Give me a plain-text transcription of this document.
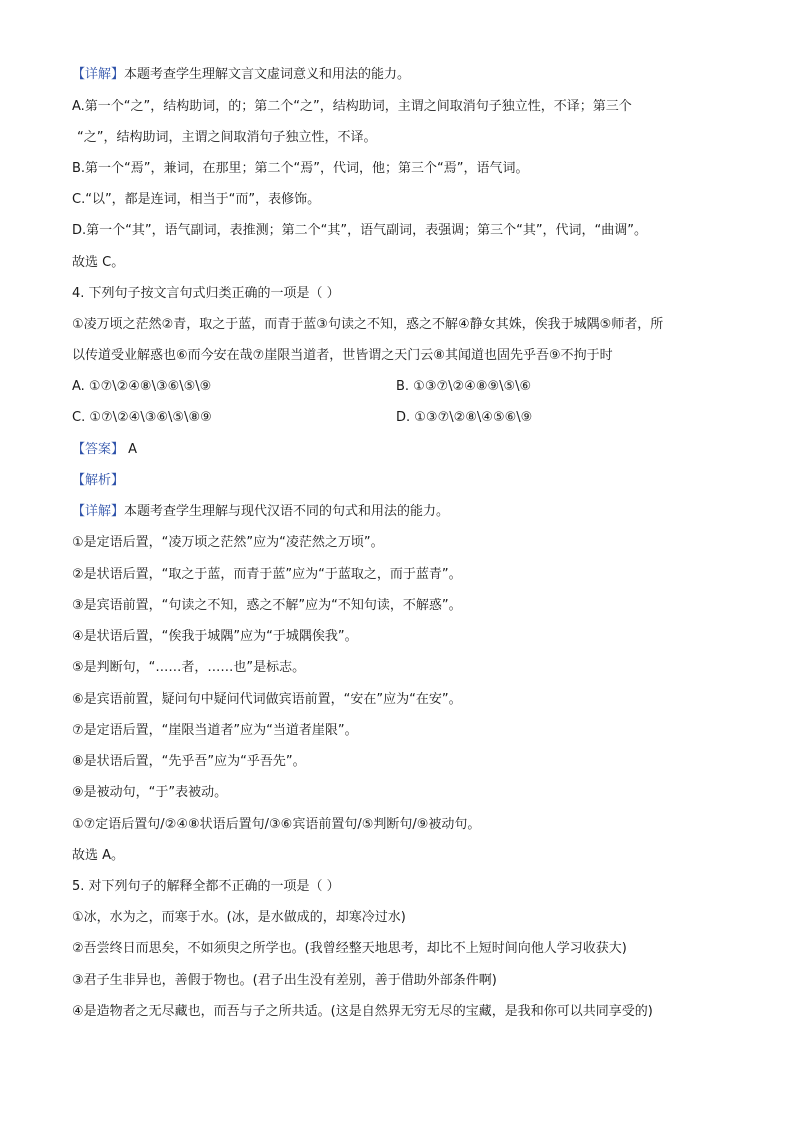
【详解】本题考查学生理解文言文虚词意义和用法的能力。
A.第一个“之”，结构助词，的；第二个“之”，结构助词，主谓之间取消句子独立性，不译；第三个
“之”，结构助词，主谓之间取消句子独立性，不译。
B.第一个“焉”，兼词，在那里；第二个“焉”，代词，他；第三个“焉”，语气词。
C.“以”，都是连词，相当于“而”，表修饰。
D.第一个“其”，语气副词，表推测；第二个“其”，语气副词，表强调；第三个“其”，代词，“曲调”。
故选 C。
4. 下列句子按文言句式归类正确的一项是（ ）
①凌万顷之茫然②青，取之于蓝，而青于蓝③句读之不知，惑之不解④静女其姝，俟我于城隅⑤师者，所
以传道受业解惑也⑥而今安在哉⑦崖限当道者，世皆谓之天门云⑧其闻道也固先乎吾⑨不拘于时
A. ①⑦\②④⑧\③⑥\⑤\⑨	B. ①③⑦\②④⑧⑨\⑤\⑥
C. ①⑦\②④\③⑥\⑤\⑧⑨	D. ①③⑦\②⑧\④⑤⑥\⑨
【答案】 A
【解析】
【详解】本题考查学生理解与现代汉语不同的句式和用法的能力。
①是定语后置，“凌万顷之茫然”应为“凌茫然之万顷”。
②是状语后置，“取之于蓝，而青于蓝”应为“于蓝取之，而于蓝青”。
③是宾语前置，“句读之不知，惑之不解”应为“不知句读，不解惑”。
④是状语后置，“俟我于城隅”应为“于城隅俟我”。
⑤是判断句，“……者，……也”是标志。
⑥是宾语前置，疑问句中疑问代词做宾语前置，“安在”应为“在安”。
⑦是定语后置，“崖限当道者”应为“当道者崖限”。
⑧是状语后置，“先乎吾”应为“乎吾先”。
⑨是被动句，“于”表被动。
①⑦定语后置句/②④⑧状语后置句/③⑥宾语前置句/⑤判断句/⑨被动句。
故选 A。
5. 对下列句子的解释全都不正确的一项是（ ）
①冰，水为之，而寒于水。(冰，是水做成的，却寒冷过水)
②吾尝终日而思矣，不如须臾之所学也。(我曾经整天地思考，却比不上短时间向他人学习收获大)
③君子生非异也，善假于物也。(君子出生没有差别，善于借助外部条件啊)
④是造物者之无尽藏也，而吾与子之所共适。(这是自然界无穷无尽的宝藏，是我和你可以共同享受的)
